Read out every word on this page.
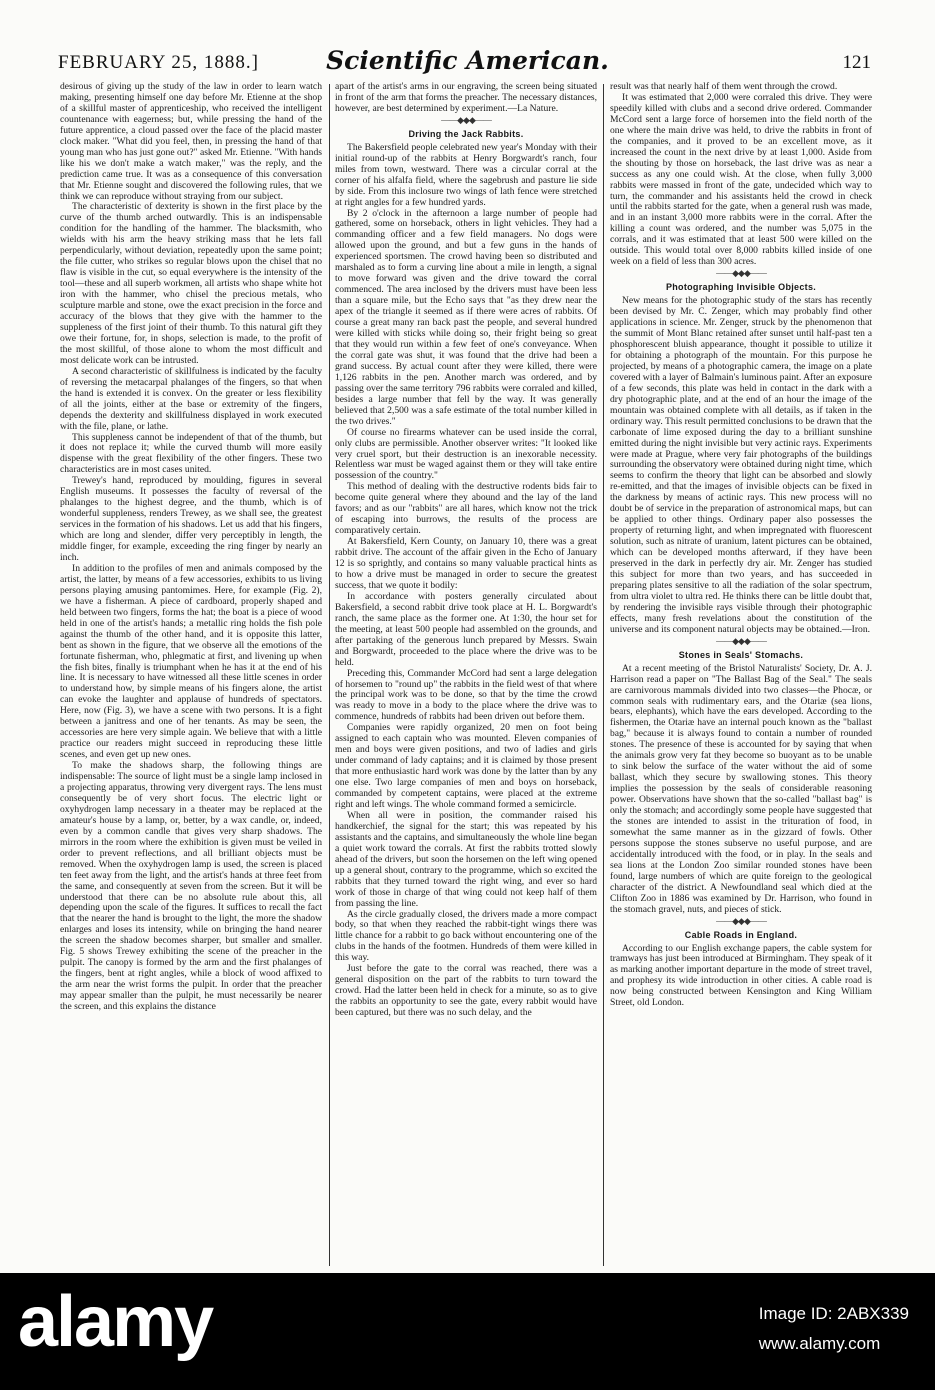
FEBRUARY 25, 1888.]	Scientific American.	121

desirous of giving up the study of the law in order to learn watch making, presenting himself one day before Mr. Etienne at the shop of a skillful master of apprenticeship, who received the intelligent countenance with eagerness; but, while pressing the hand of the future apprentice, a cloud passed over the face of the placid master clock maker. "What did you feel, then, in pressing the hand of that young man who has just gone out?" asked Mr. Etienne. "With hands like his we don't make a watch maker," was the reply, and the prediction came true. It was as a consequence of this conversation that Mr. Etienne sought and discovered the following rules, that we think we can reproduce without straying from our subject.

The characteristic of dexterity is shown in the first place by the curve of the thumb arched outwardly. This is an indispensable condition for the handling of the hammer. The blacksmith, who wields with his arm the heavy striking mass that he lets fall perpendicularly, without deviation, repeatedly upon the same point; the file cutter, who strikes so regular blows upon the chisel that no flaw is visible in the cut, so equal everywhere is the intensity of the tool—these and all superb workmen, all artists who shape white hot iron with the hammer, who chisel the precious metals, who sculpture marble and stone, owe the exact precision in the force and accuracy of the blows that they give with the hammer to the suppleness of the first joint of their thumb. To this natural gift they owe their fortune, for, in shops, selection is made, to the profit of the most skillful, of those alone to whom the most difficult and most delicate work can be intrusted.

A second characteristic of skillfulness is indicated by the faculty of reversing the metacarpal phalanges of the fingers, so that when the hand is extended it is convex. On the greater or less flexibility of all the joints, either at the base or extremity of the fingers, depends the dexterity and skillfulness displayed in work executed with the file, plane, or lathe.

This suppleness cannot be independent of that of the thumb, but it does not replace it; while the curved thumb will more easily dispense with the great flexibility of the other fingers. These two characteristics are in most cases united.

Trewey's hand, reproduced by moulding, figures in several English museums. It possesses the faculty of reversal of the phalanges to the highest degree, and the thumb, which is of wonderful suppleness, renders Trewey, as we shall see, the greatest services in the formation of his shadows. Let us add that his fingers, which are long and slender, differ very perceptibly in length, the middle finger, for example, exceeding the ring finger by nearly an inch.

In addition to the profiles of men and animals composed by the artist, the latter, by means of a few accessories, exhibits to us living persons playing amusing pantomimes. Here, for example (Fig. 2), we have a fisherman. A piece of cardboard, properly shaped and held between two fingers, forms the hat; the boat is a piece of wood held in one of the artist's hands; a metallic ring holds the fish pole against the thumb of the other hand, and it is opposite this latter, bent as shown in the figure, that we observe all the emotions of the fortunate fisherman, who, phlegmatic at first, and livening up when the fish bites, finally is triumphant when he has it at the end of his line. It is necessary to have witnessed all these little scenes in order to understand how, by simple means of his fingers alone, the artist can evoke the laughter and applause of hundreds of spectators. Here, now (Fig. 3), we have a scene with two persons. It is a fight between a janitress and one of her tenants. As may be seen, the accessories are here very simple again. We believe that with a little practice our readers might succeed in reproducing these little scenes, and even get up new ones.

To make the shadows sharp, the following things are indispensable: The source of light must be a single lamp inclosed in a projecting apparatus, throwing very divergent rays. The lens must consequently be of very short focus. The electric light or oxyhydrogen lamp necessary in a theater may be replaced at the amateur's house by a lamp, or, better, by a wax candle, or, indeed, even by a common candle that gives very sharp shadows. The mirrors in the room where the exhibition is given must be veiled in order to prevent reflections, and all brilliant objects must be removed. When the oxyhydrogen lamp is used, the screen is placed ten feet away from the light, and the artist's hands at three feet from the same, and consequently at seven from the screen. But it will be understood that there can be no absolute rule about this, all depending upon the scale of the figures. It suffices to recall the fact that the nearer the hand is brought to the light, the more the shadow enlarges and loses its intensity, while on bringing the hand nearer the screen the shadow becomes sharper, but smaller and smaller. Fig. 5 shows Trewey exhibiting the scene of the preacher in the pulpit. The canopy is formed by the arm and the first phalanges of the fingers, bent at right angles, while a block of wood affixed to the arm near the wrist forms the pulpit. In order that the preacher may appear smaller than the pulpit, he must necessarily be nearer the screen, and this explains the distance

apart of the artist's arms in our engraving, the screen being situated in front of the arm that forms the preacher. The necessary distances, however, are best determined by experiment.—La Nature.

——◆◆◆——
Driving the Jack Rabbits.

The Bakersfield people celebrated new year's Monday with their initial round-up of the rabbits at Henry Borgwardt's ranch, four miles from town, westward. There was a circular corral at the corner of his alfalfa field, where the sagebrush and pasture lie side by side. From this inclosure two wings of lath fence were stretched at right angles for a few hundred yards.

By 2 o'clock in the afternoon a large number of people had gathered, some on horseback, others in light vehicles. They had a commanding officer and a few field managers. No dogs were allowed upon the ground, and but a few guns in the hands of experienced sportsmen. The crowd having been so distributed and marshaled as to form a curving line about a mile in length, a signal to move forward was given and the drive toward the corral commenced. The area inclosed by the drivers must have been less than a square mile, but the Echo says that "as they drew near the apex of the triangle it seemed as if there were acres of rabbits. Of course a great many ran back past the people, and several hundred were killed with sticks while doing so, their fright being so great that they would run within a few feet of one's conveyance. When the corral gate was shut, it was found that the drive had been a grand success. By actual count after they were killed, there were 1,126 rabbits in the pen. Another march was ordered, and by passing over the same territory 796 rabbits were corraled and killed, besides a large number that fell by the way. It was generally believed that 2,500 was a safe estimate of the total number killed in the two drives."

Of course no firearms whatever can be used inside the corral, only clubs are permissible. Another observer writes: "It looked like very cruel sport, but their destruction is an inexorable necessity. Relentless war must be waged against them or they will take entire possession of the country."

This method of dealing with the destructive rodents bids fair to become quite general where they abound and the lay of the land favors; and as our "rabbits" are all hares, which know not the trick of escaping into burrows, the results of the process are comparatively certain.

At Bakersfield, Kern County, on January 10, there was a great rabbit drive. The account of the affair given in the Echo of January 12 is so sprightly, and contains so many valuable practical hints as to how a drive must be managed in order to secure the greatest success, that we quote it bodily:

In accordance with posters generally circulated about Bakersfield, a second rabbit drive took place at H. L. Borgwardt's ranch, the same place as the former one. At 1:30, the hour set for the meeting, at least 500 people had assembled on the grounds, and after partaking of the generous lunch prepared by Messrs. Swain and Borgwardt, proceeded to the place where the drive was to be held.

Preceding this, Commander McCord had sent a large delegation of horsemen to "round up" the rabbits in the field west of that where the principal work was to be done, so that by the time the crowd was ready to move in a body to the place where the drive was to commence, hundreds of rabbits had been driven out before them.

Companies were rapidly organized, 20 men on foot being assigned to each captain who was mounted. Eleven companies of men and boys were given positions, and two of ladies and girls under command of lady captains; and it is claimed by those present that more enthusiastic hard work was done by the latter than by any one else. Two large companies of men and boys on horseback, commanded by competent captains, were placed at the extreme right and left wings. The whole command formed a semicircle.

When all were in position, the commander raised his handkerchief, the signal for the start; this was repeated by his assistants and the captains, and simultaneously the whole line began a quiet work toward the corrals. At first the rabbits trotted slowly ahead of the drivers, but soon the horsemen on the left wing opened up a general shout, contrary to the programme, which so excited the rabbits that they turned toward the right wing, and ever so hard work of those in charge of that wing could not keep half of them from passing the line.

As the circle gradually closed, the drivers made a more compact body, so that when they reached the rabbit-tight wings there was little chance for a rabbit to go back without encountering one of the clubs in the hands of the footmen. Hundreds of them were killed in this way.

Just before the gate to the corral was reached, there was a general disposition on the part of the rabbits to turn toward the crowd. Had the latter been held in check for a minute, so as to give the rabbits an opportunity to see the gate, every rabbit would have been captured, but there was no such delay, and the

result was that nearly half of them went through the crowd.

It was estimated that 2,000 were corraled this drive. They were speedily killed with clubs and a second drive ordered. Commander McCord sent a large force of horsemen into the field north of the one where the main drive was held, to drive the rabbits in front of the companies, and it proved to be an excellent move, as it increased the count in the next drive by at least 1,000. Aside from the shouting by those on horseback, the last drive was as near a success as any one could wish. At the close, when fully 3,000 rabbits were massed in front of the gate, undecided which way to turn, the commander and his assistants held the crowd in check until the rabbits started for the gate, when a general rush was made, and in an instant 3,000 more rabbits were in the corral. After the killing a count was ordered, and the number was 5,075 in the corrals, and it was estimated that at least 500 were killed on the outside. This would total over 8,000 rabbits killed inside of one week on a field of less than 300 acres.

——◆◆◆——
Photographing Invisible Objects.

New means for the photographic study of the stars has recently been devised by Mr. C. Zenger, which may probably find other applications in science. Mr. Zenger, struck by the phenomenon that the summit of Mont Blanc retained after sunset until half-past ten a phosphorescent bluish appearance, thought it possible to utilize it for obtaining a photograph of the mountain. For this purpose he projected, by means of a photographic camera, the image on a plate covered with a layer of Balmain's luminous paint. After an exposure of a few seconds, this plate was held in contact in the dark with a dry photographic plate, and at the end of an hour the image of the mountain was obtained complete with all details, as if taken in the ordinary way. This result permitted conclusions to be drawn that the carbonate of lime exposed during the day to a brilliant sunshine emitted during the night invisible but very actinic rays. Experiments were made at Prague, where very fair photographs of the buildings surrounding the observatory were obtained during night time, which seems to confirm the theory that light can be absorbed and slowly re-emitted, and that the images of invisible objects can be fixed in the darkness by means of actinic rays. This new process will no doubt be of service in the preparation of astronomical maps, but can be applied to other things. Ordinary paper also possesses the property of returning light, and when impregnated with fluorescent solution, such as nitrate of uranium, latent pictures can be obtained, which can be developed months afterward, if they have been preserved in the dark in perfectly dry air. Mr. Zenger has studied this subject for more than two years, and has succeeded in preparing plates sensitive to all the radiation of the solar spectrum, from ultra violet to ultra red. He thinks there can be little doubt that, by rendering the invisible rays visible through their photographic effects, many fresh revelations about the constitution of the universe and its component natural objects may be obtained.—Iron.

——◆◆◆——
Stones in Seals' Stomachs.

At a recent meeting of the Bristol Naturalists' Society, Dr. A. J. Harrison read a paper on "The Ballast Bag of the Seal." The seals are carnivorous mammals divided into two classes—the Phocæ, or common seals with rudimentary ears, and the Otariæ (sea lions, bears, elephants), which have the ears developed. According to the fishermen, the Otariæ have an internal pouch known as the "ballast bag," because it is always found to contain a number of rounded stones. The presence of these is accounted for by saying that when the animals grow very fat they become so buoyant as to be unable to sink below the surface of the water without the aid of some ballast, which they secure by swallowing stones. This theory implies the possession by the seals of considerable reasoning power. Observations have shown that the so-called "ballast bag" is only the stomach; and accordingly some people have suggested that the stones are intended to assist in the trituration of food, in somewhat the same manner as in the gizzard of fowls. Other persons suppose the stones subserve no useful purpose, and are accidentally introduced with the food, or in play. In the seals and sea lions at the London Zoo similar rounded stones have been found, large numbers of which are quite foreign to the geological character of the district. A Newfoundland seal which died at the Clifton Zoo in 1886 was examined by Dr. Harrison, who found in the stomach gravel, nuts, and pieces of stick.

——◆◆◆——
Cable Roads in England.

According to our English exchange papers, the cable system for tramways has just been introduced at Birmingham. They speak of it as marking another important departure in the mode of street travel, and prophesy its wide introduction in other cities. A cable road is now being constructed between Kensington and King William Street, old London.

alamy	Image ID: 2ABX339
www.alamy.com
